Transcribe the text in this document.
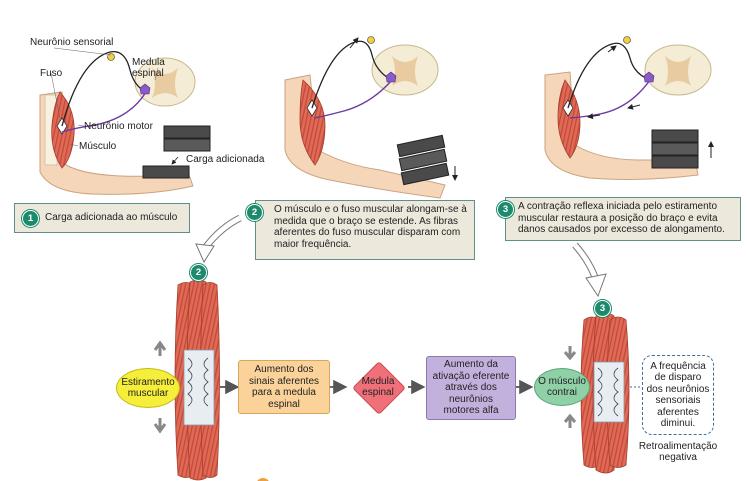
Neurônio sensorial
Medula
espinal
Fuso
Neurônio motor
Músculo
Carga adicionada
Carga adicionada ao músculo
1
O músculo e o fuso muscular alongam-se à medida que o braço se estende. As fibras aferentes do fuso muscular disparam com maior frequência.
2
A contração reflexa iniciada pelo estiramento muscular restaura a posição do braço e evita danos causados por excesso de alongamento.
3
2
3
Estiramento
muscular
Aumento dos
sinais aferentes
para a medula
espinal
Medula
espinal
Aumento da
ativação eferente
através dos
neurônios
motores alfa
O músculo
contrai
A frequência
de disparo
dos neurônios
sensoriais
aferentes
diminui.
Retroalimentação
negativa
